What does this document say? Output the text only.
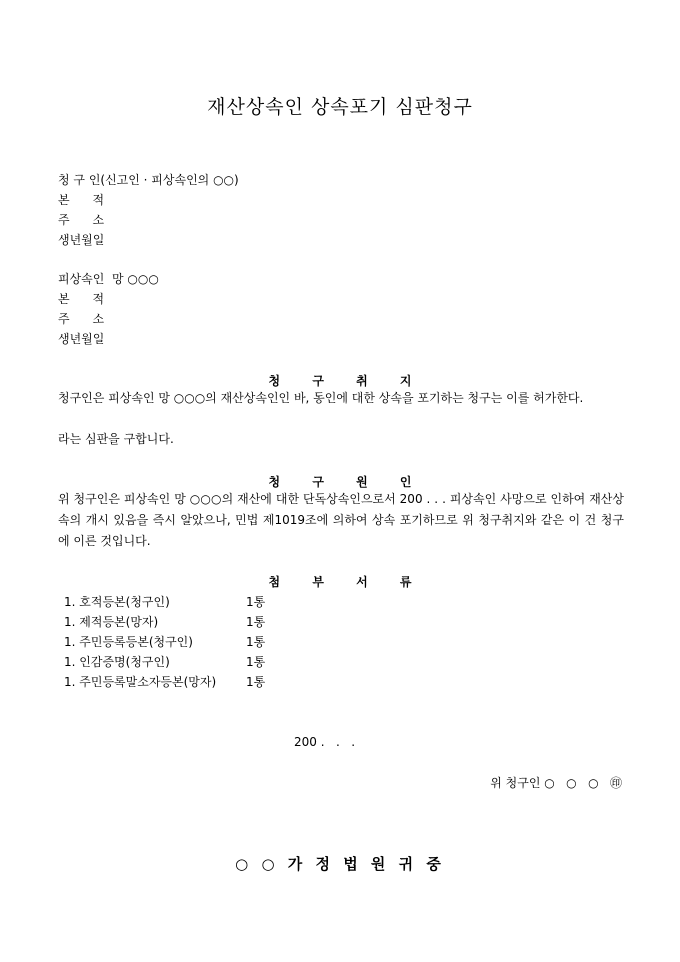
재산상속인 상속포기 심판청구
청 구 인(신고인 · 피상속인의 ○○)
본      적
주      소
생년월일
피상속인  망 ○○○
본      적
주      소
생년월일
청 구 취 지
청구인은 피상속인 망 ○○○의 재산상속인인 바, 동인에 대한 상속을 포기하는 청구는 이를 허가한다.
라는 심판을 구합니다.
청 구 원 인
위 청구인은 피상속인 망 ○○○의 재산에 대한 단독상속인으로서 200 . . . 피상속인 사망으로 인하여 재산상속의 개시 있음을 즉시 알았으나, 민법 제1019조에 의하여 상속 포기하므로 위 청구취지와 같은 이 건 청구에 이른 것입니다.
첨 부 서 류
1. 호적등본(청구인)	1통
1. 제적등본(망자)	1통
1. 주민등록등본(청구인)	1통
1. 인감증명(청구인)	1통
1. 주민등록말소자등본(망자) 1통
200 .   .   .
위 청구인 ○   ○   ○   ㊞
○ ○ 가 정 법 원 귀 중
